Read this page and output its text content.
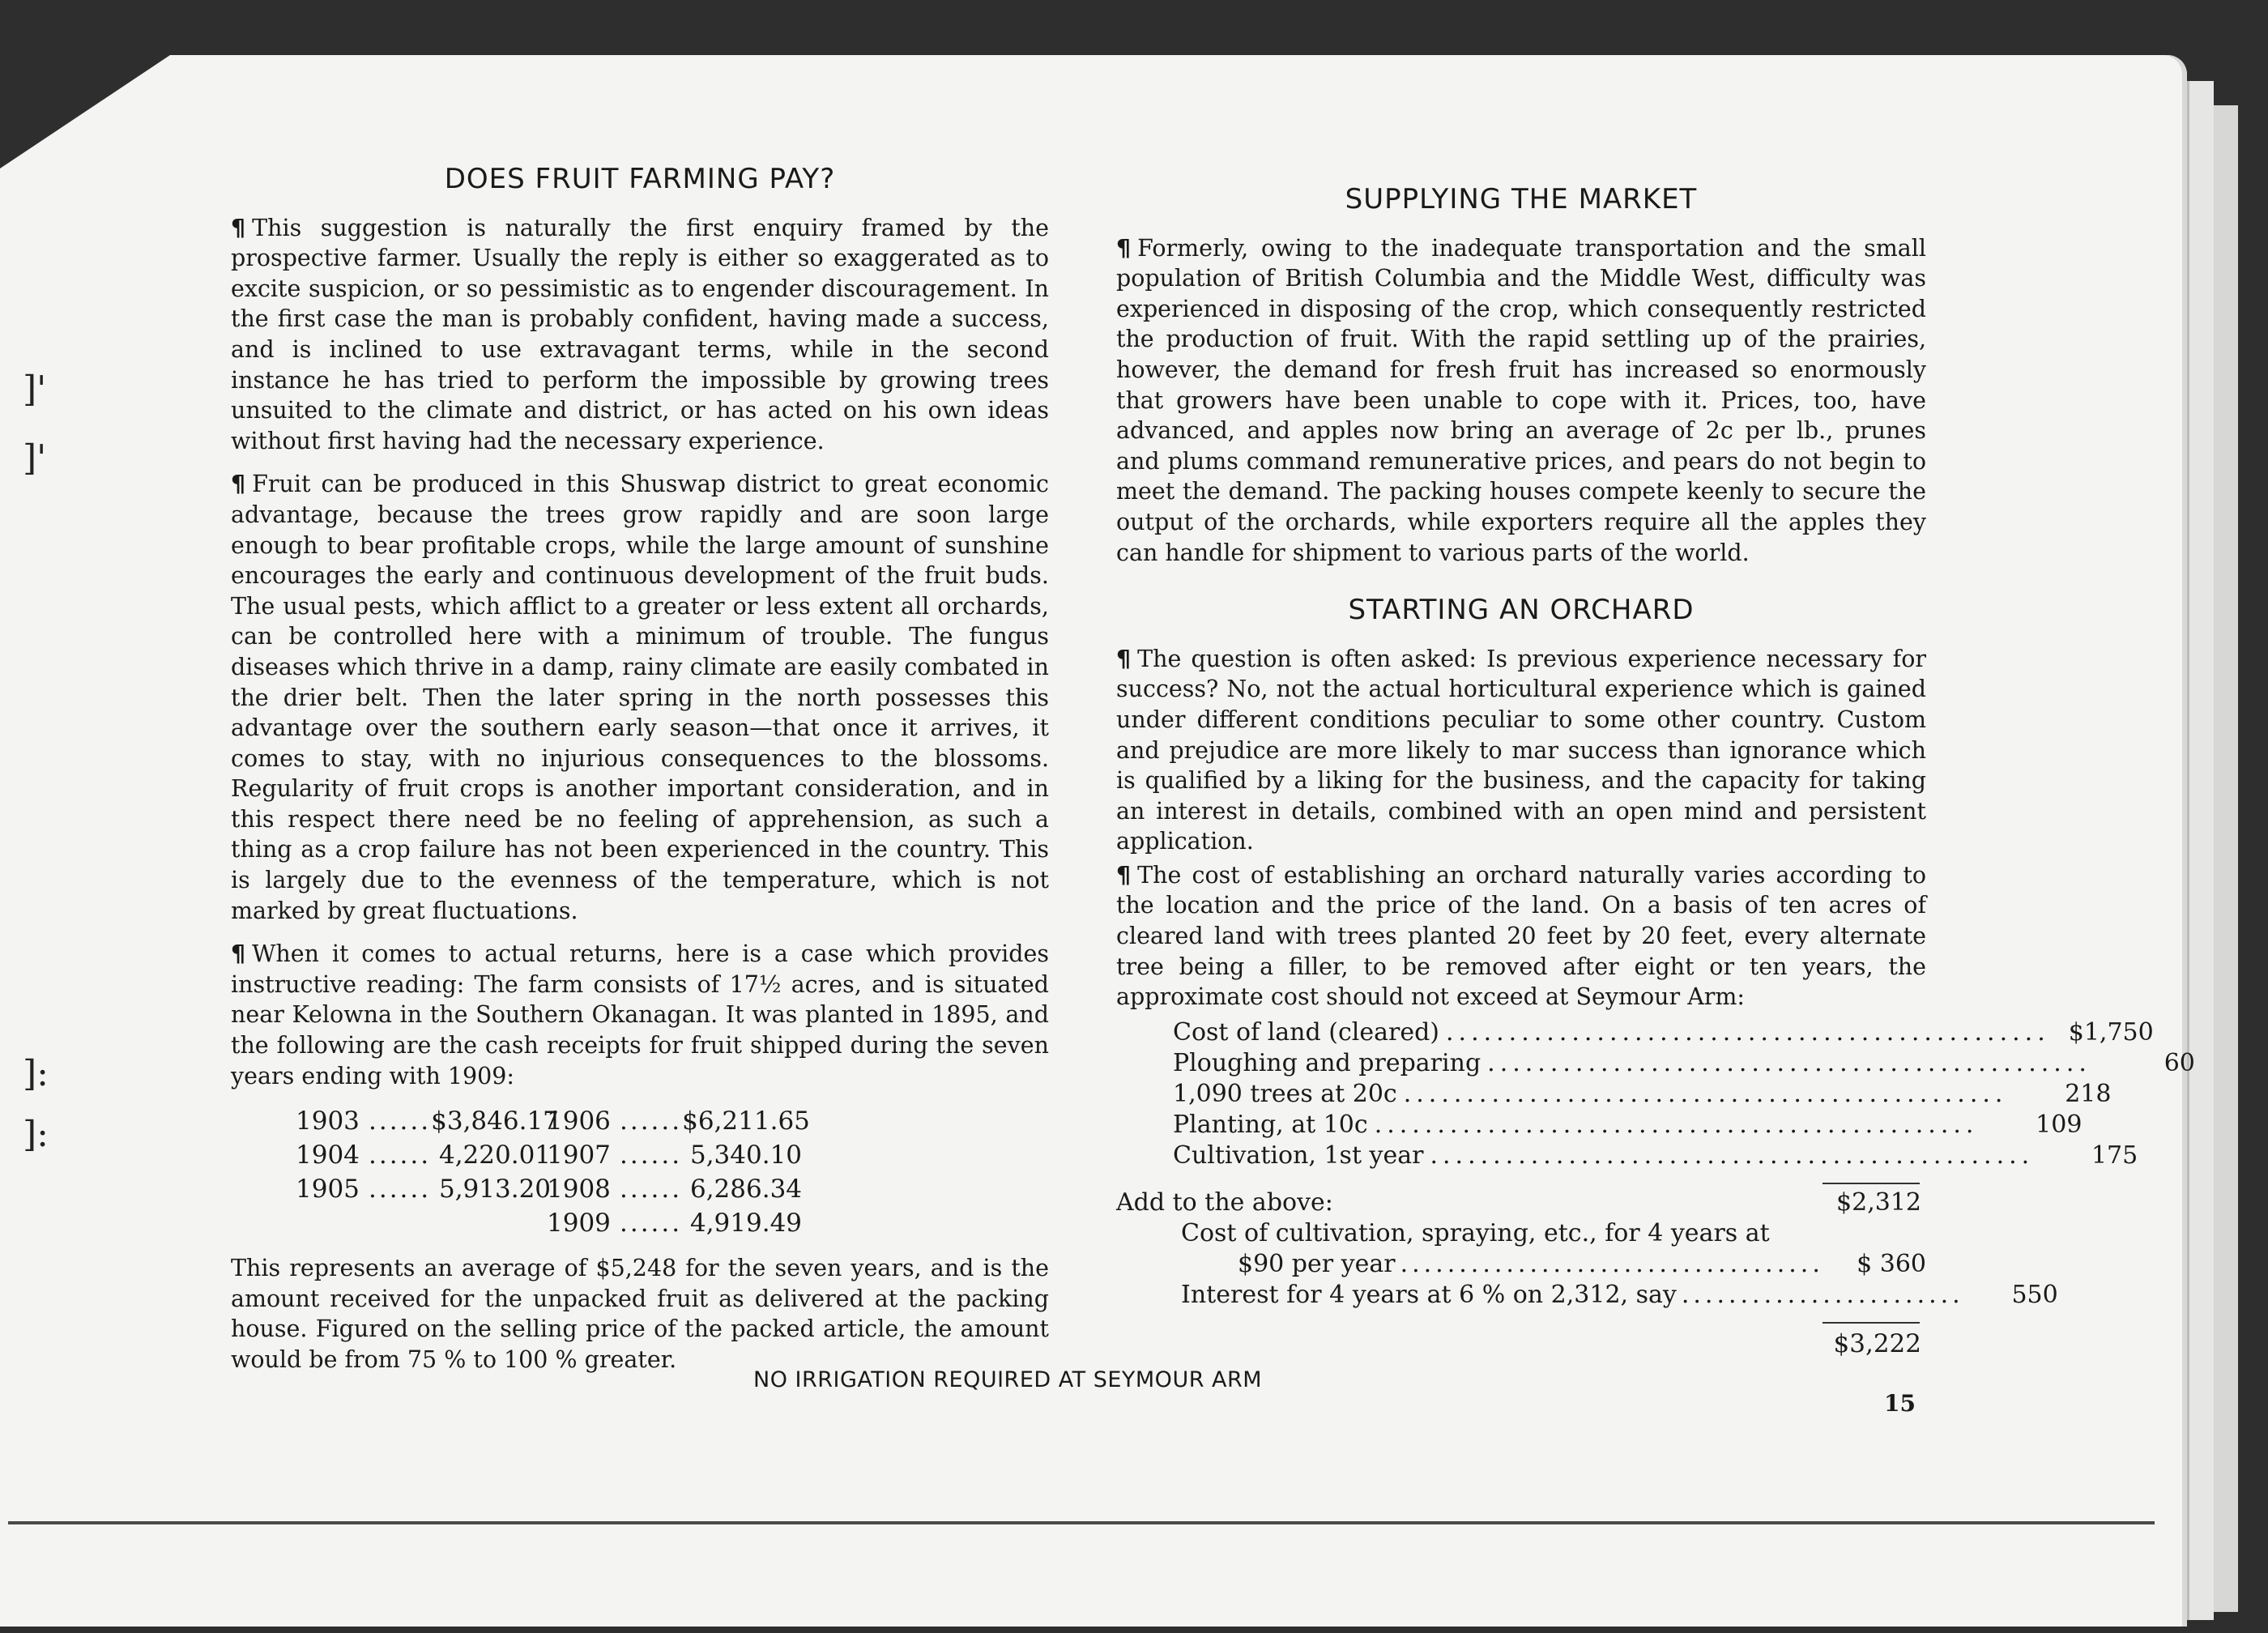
]'
]'
]:
]:
DOES FRUIT FARMING PAY?

¶ This suggestion is naturally the first enquiry framed by the prospective farmer. Usually the reply is either so exaggerated as to excite suspicion, or so pessimistic as to engender discouragement. In the first case the man is probably confident, having made a success, and is inclined to use extravagant terms, while in the second instance he has tried to perform the impossible by growing trees unsuited to the climate and district, or has acted on his own ideas without first having had the necessary experience.

¶ Fruit can be produced in this Shuswap district to great economic advantage, because the trees grow rapidly and are soon large enough to bear profitable crops, while the large amount of sunshine encourages the early and continuous development of the fruit buds. The usual pests, which afflict to a greater or less extent all orchards, can be controlled here with a minimum of trouble. The fungus diseases which thrive in a damp, rainy climate are easily combated in the drier belt. Then the later spring in the north possesses this advantage over the southern early season—that once it arrives, it comes to stay, with no injurious consequences to the blossoms. Regularity of fruit crops is another important consideration, and in this respect there need be no feeling of apprehension, as such a thing as a crop failure has not been experienced in the country. This is largely due to the evenness of the temperature, which is not marked by great fluctuations.

¶ When it comes to actual returns, here is a case which provides instructive reading: The farm consists of 17½ acres, and is situated near Kelowna in the Southern Okanagan. It was planted in 1895, and the following are the cash receipts for fruit shipped during the seven years ending with 1909:

1903 ......$3,846.17
1906 ......$6,211.65
1904 ...... 4,220.01
1907 ...... 5,340.10
1905 ...... 5,913.20
1908 ...... 6,286.34
1909 ...... 4,919.49

This represents an average of $5,248 for the seven years, and is the amount received for the unpacked fruit as delivered at the packing house. Figured on the selling price of the packed article, the amount would be from 75 % to 100 % greater.

SUPPLYING THE MARKET

¶ Formerly, owing to the inadequate transportation and the small population of British Columbia and the Middle West, difficulty was experienced in disposing of the crop, which consequently restricted the production of fruit. With the rapid settling up of the prairies, however, the demand for fresh fruit has increased so enormously that growers have been unable to cope with it. Prices, too, have advanced, and apples now bring an average of 2c per lb., prunes and plums command remunerative prices, and pears do not begin to meet the demand. The packing houses compete keenly to secure the output of the orchards, while exporters require all the apples they can handle for shipment to various parts of the world.

STARTING AN ORCHARD

¶ The question is often asked: Is previous experience necessary for success? No, not the actual horticultural experience which is gained under different conditions peculiar to some other country. Custom and prejudice are more likely to mar success than ignorance which is qualified by a liking for the business, and the capacity for taking an interest in details, combined with an open mind and persistent application.

¶ The cost of establishing an orchard naturally varies according to the location and the price of the land. On a basis of ten acres of cleared land with trees planted 20 feet by 20 feet, every alternate tree being a filler, to be removed after eight or ten years, the approximate cost should not exceed at Seymour Arm:

Cost of land (cleared) ................................................ $1,750
Ploughing and preparing ................................................	60
1,090 trees at 20c ................................................	218
Planting, at 10c ................................................	109
Cultivation, 1st year ................................................	175
Add to the above:	$2,312
Cost of cultivation, spraying, etc., for 4 years at
$90 per year ....................................	$ 360
Interest for 4 years at 6 % on 2,312, say ........................	550
$3,222
NO IRRIGATION REQUIRED AT SEYMOUR ARM
15
